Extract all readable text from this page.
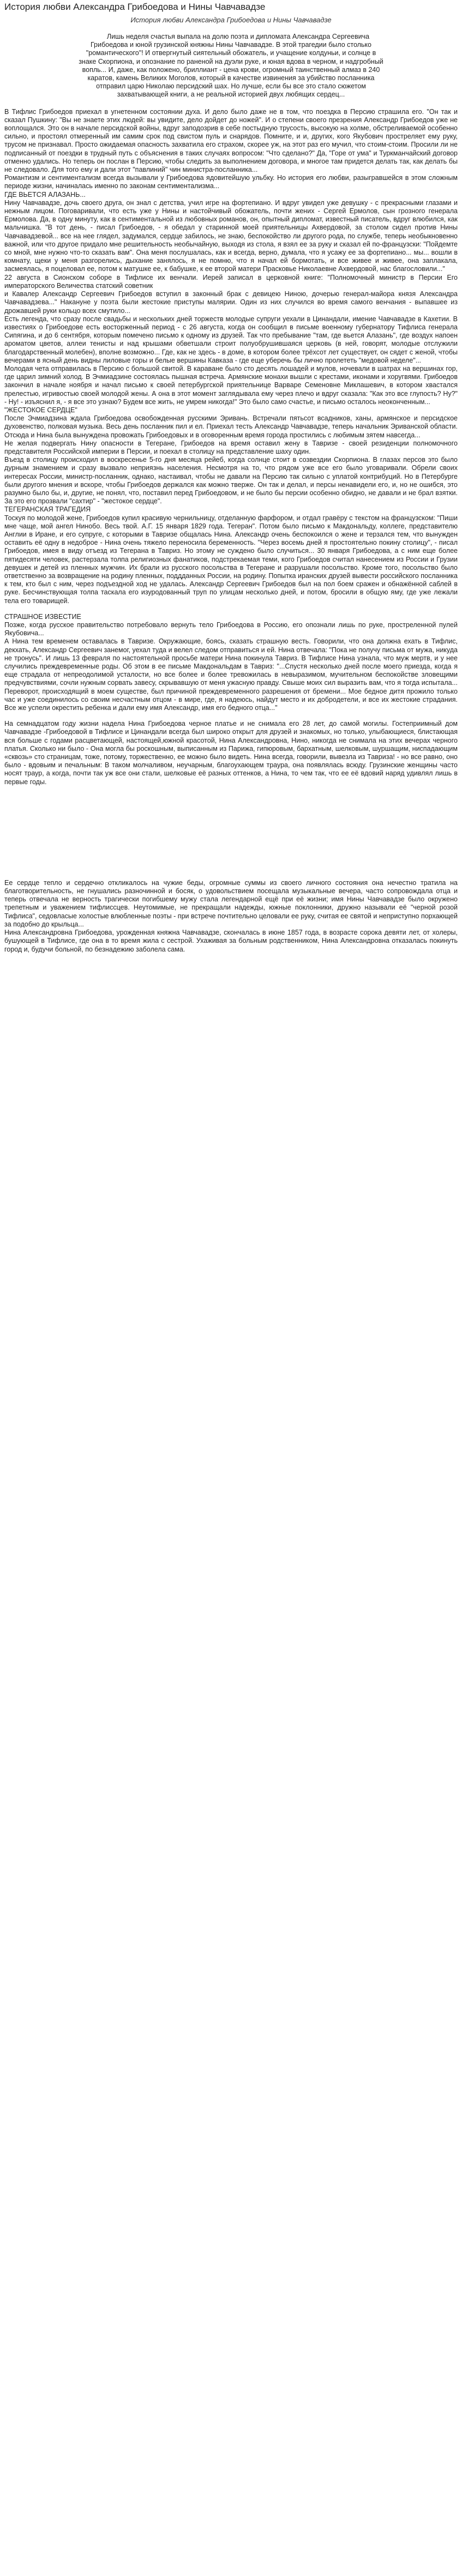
История любви Александра Грибоедова и Нины Чавчавадзе
История любви Александра Грибоедова и Нины Чавчавадзе

Лишь неделя счастья выпала на долю поэта и дипломата Александра Сергеевича Грибоедова и юной грузинской княжны Нины Чавчавадзе. В этой трагедии было столько "романтического"! И отвергнутый сиятельный обожатель, и учащение колдуньи, и солнце в знаке Скорпиона, и опознание по раненой на дуэли руке, и юная вдова в черном, и надгробный вопль... И, даже, как положено, бриллиант - цена крови, огромный таинственный алмаз в 240 каратов, камень Великих Моголов, который в качестве извинения за убийство посланника отправил царю Николаю персидский шах. Но лучше, если бы все это стало сюжетом захватывающей книги, а не реальной историей двух любящих сердец...

В Тифлис Грибоедов приехал в угнетенном состоянии духа. И дело было даже не в том, что поездка в Персию страшила его. "Он так и сказал Пушкину: "Вы не знаете этих людей: вы увидите, дело дойдет до ножей". И о степени своего презрения Александр Грибоедов уже не воплощался. Это он в начале персидской войны, вдруг заподозрив в себе постыдную трусость, высокую на холме, обстреливаемой особенно сильно, и простоял отмеренный им самим срок под свистом пуль и снарядов. Помните, и и, других, кого Якубович простреляет ему руку, трусом не признавал. Просто ожидаемая опасность захватила его страхом, скорее уж, на этот раз его мучил, что стоим-стоим. Просили ли не подписанный от поездки в трудный путь с объяснения в таких случаях вопросом: "Что сделано?" Да, "Горе от ума" и Туркманчайский договор отменно удались. Но теперь он послан в Персию, чтобы следить за выполнением договора, и многое там придется делать так, как делать бы не следовало. Для того ему и дали этот "павлиний" чин министра-посланника...

Романтизм и сентиментализм всегда вызывали у Грибоедова ядовитейшую ульбку. Но история его любви, разыгравшейся в этом сложным периоде жизни, начиналась именно по законам сентиментализма...

ГДЕ ВЬЕТСЯ АЛАЗАНЬ...

Нину Чавчавадзе, дочь своего друга, он знал с детства, учил игре на фортепиано. И вдруг увидел уже девушку - с прекрасными глазами и нежным лицом. Поговаривали, что есть уже у Нины и настойчивый обожатель, почти жених - Сергей Ермолов, сын грозного генерала Ермолова. Да, в одну минуту, как в сентиментальной из любовных романов, он, опытный дипломат, известный писатель, вдруг влюбился, как мальчишка. "В тот день, - писал Грибоедов, - я обедал у старинной моей приятельницы Ахвердовой, за столом сидел против Нины Чавчавадзевой... все на нее глядел, задумался, сердце забилось, не знаю, беспокойство ли другого рода, по службе, теперь необыкновенно важной, или что другое придало мне решительность необычайную, выходя из стола, я взял ее за руку и сказал ей по-французски: "Пойдемте со мной, мне нужно что-то сказать вам". Она меня послушалась, как и всегда, верно, думала, что я усажу ее за фортепиано... мы... вошли в комнату, щеки у меня разгорелись, дыхание занялось, я не помню, что я начал ей бормотать, и все живее и живее, она заплакала, засмеялась, я поцеловал ее, потом к матушке ее, к бабушке, к ее второй матери Прасковье Николаевне Ахвердовой, нас благословили..."

22 августа в Сионском соборе в Тифлисе их венчали. Иерей записал в церковной книге: "Полномочный министр в Персии Его императорского Величества статский советник

и Кавалер Александр Сергеевич Грибоедов вступил в законный брак с девицею Ниною, дочерью генерал-майора князя Александра Чавчавадзева..." Накануне у поэта были жестокие приступы малярии. Один из них случился во время самого венчания - выпавшее из дрожавшей руки кольцо всех смутило...

Есть легенда, что сразу после свадьбы и нескольких дней торжеств молодые супруги уехали в Цинандали, имение Чавчавадзе в Кахетии. В известиях о Грибоедове есть восторженный период - с 26 августа, когда он сообщил в письме военному губернатору Тифлиса генерала Сипягина, и до 6 сентября, которым помечено письмо к одному из друзей. Так что пребывание "там, где вьется Алазань", где воздух напоен ароматом цветов, аллеи тенисты и над крышами обветшали строит полуобрушившаяся церковь (в ней, говорят, молодые отслужили благодарственный молебен), вполне возможно... Где, как не здесь - в доме, в котором более трёхсот лет существует, он сядет с женой, чтобы вечерами в ясный день видны лиловые горы и белые вершины Кавказа - где еще уберечь бы лично пролететь "медовой неделе"...

Молодая чета отправилась в Персию с большой свитой. В караване было сто десять лошадей и мулов, ночевали в шатрах на вершинах гор, где царил зимний холод. В Эчмиадзине состоялась пышная встреча. Армянские монахи вышли с крестами, иконами и хоругвями. Грибоедов закончил в начале ноября и начал письмо к своей петербургской приятельнице Варваре Семеновне Миклашевич, в котором хвастался прелестью, игривостью своей молодой жены. А она в этот момент заглядывала ему через плечо и вдруг сказала: "Как это все глупость? Ну?" - Ну! - изъяснил я, - я все это узнаю? Будем все жить, не умрем никогда!" Это было само счастье, и письмо осталось неоконченным...

"ЖЕСТОКОЕ СЕРДЦЕ"

После Эчмиадзина ждала Грибоедова освобожденная русскими Эривань. Встречали пятьсот всадников, ханы, армянское и персидское духовенство, полковая музыка. Весь день посланник пил и ел. Приехал тесть Александр Чавчавадзе, теперь начальник Эриванской области. Отсюда и Нина была вынуждена провожать Грибоедовых и в оговоренным время города простились с любимым зятем навсегда...

Не желая подвергать Нину опасности в Тегеране, Грибоедов на время оставил жену в Тавризе - своей резиденции полномочного представителя Российской империи в Персии, и поехал в столицу на представление шаху один.

Въезд в столицу происходил в воскресенье 5-го дня месяца рейеб, когда солнце стоит в созвездии Скорпиона. В глазах персов это было дурным знамением и сразу вызвало неприязнь населения. Несмотря на то, что рядом уже все его было уговаривали. Обрели своих интересах России, министр-посланник, однако, настаивал, чтобы не давали на Персию так сильно с уплатой контрибуций. Но в Петербурге были другого мнения и вскоре, чтобы Грибоедов держался как можно тверже. Он так и делал, и персы ненавидели его, и, но не ошибся, это разумно было бы, и, другие, не понял, что, поставил перед Грибоедовом, и не было бы персии особенно обидно, не давали и не брал взятки. За это его прозвали "сахтир" - "жестокое сердце".

ТЕГЕРАНСКАЯ ТРАГЕДИЯ

Тоскуя по молодой жене, Грибоедов купил красивую чернильницу, отделанную фарфором, и отдал гравёру с текстом на французском: "Пиши мне чаще, мой ангел Нинобо. Весь твой. А.Г. 15 января 1829 года. Тегеран". Потом было письмо к Макдональду, коллеге, представителю Англии в Иране, и его супруге, с которыми в Тавризе общалась Нина. Александр очень беспокоился о жене и терзался тем, что вынужден оставить её одну в недоброе - Нина очень тяжело переносила беременность. "Через восемь дней я простоятельно покину столицу", - писал Грибоедов, имея в виду отъезд из Тегерана в Тавриз. Но этому не суждено было случиться... 30 января Грибоедова, а с ним еще более пятидесяти человек, растерзала толпа религиозных фанатиков, подстрекаемая теми, кого Грибоедов считал нанесением из России и Грузии девушек и детей из пленных мужчин. Их брали из русского посольства в Тегеране и разрушали посольство. Кроме того, посольство было ответственно за возвращение на родину пленных, поддданных России, на родину. Попытка иранских друзей вывести российского посланника к тем, кто был с ним, через подъездной ход не удалась. Александр Сергеевич Грибоедов был на пол боем сражен и обнажённой саблей в руке. Бесчинствующая толпа таскала его изуродованный труп по улицам несколько дней, и потом, бросили в общую яму, где уже лежали тела его товарищей.

СТРАШНОЕ ИЗВЕСТИЕ

Позже, когда русское правительство потребовало вернуть тело Грибоедова в Россию, его опознали лишь по руке, простреленной пулей Якубовича...

А Нина тем временем оставалась в Тавризе. Окружающие, боясь, сказать страшную весть. Говорили, что она должна ехать в Тифлис, декхать, Александр Сергеевич занемог, уехал туда и велел следом отправиться и ей. Нина отвечала: "Пока не получу письма от мужа, никуда не тронусь". И лишь 13 февраля по настоятельной просьбе матери Нина покинула Тавриз. В Тифлисе Нина узнала, что муж мертв, и у нее случились преждевременные роды. Об этом в ее письме Макдональдам в Тавриз: "...Спустя несколько дней после моего приезда, когда я еще страдала от непреодолимой усталости, но все более и более тревожилась в невыразимом, мучительном беспокойстве зловещими предчувствиями, сочли нужным сорвать завесу, скрывавшую от меня ужасную правду. Свыше моих сил выразить вам, что я тогда испытала... Переворот, происходящий в моем существе, был причиной преждевременного разрешения от бремени... Мое бедное дитя прожило только час и уже соединилось со своим несчастным отцом - в мире, где, я надеюсь, найдут место и их добродетели, и все их жестокие страдания. Все же успели окрестить ребенка и дали ему имя Александр, имя его бедного отца..."

На семнадцатом году жизни надела Нина Грибоедова черное платье и не снимала его 28 лет, до самой могилы. Гостеприимный дом Чавчавадзе -Грибоедовой в Тифлисе и Цинандали всегда был широко открыт для друзей и знакомых, но только, улыбающиеся, блистающая вся больше с годами расцветающей, настоящей,южной красотой, Нина Александровна, Нино, никогда не снимала на этих вечерах черного платья. Сколько ни было - Она могла бы роскошным, выписанным из Парижа, гипюровым, бархатным, шелковым, шуршащим, ниспадающим «сквозь» сто страницам, тоже, потому, торжественно, ее можно было видеть. Нина всегда, говорили, вывезла из Тавриза! - но все равно, оно было - вдовьим и печальным: В таком молчаливом, неучарным, благоухающем траура, она появлялась всюду. Грузинские женщины часто носят траур, а когда, почти так уж все они стали, шелковые её разных оттенков, а Нина, то чем так, что ее её вдовий наряд удивлял лишь в первые годы.

Ее сердце тепло и сердечно откликалось на чужие беды, огромные суммы из своего личного состояния она нечестно тратила на благотворительность, не гнушались разночинной и босяк, о удовольствием посещала музыкальные вечера, часто сопровождала отца и теперь отвечала не верность трагически погибшему мужу стала легендарной ещё при её жизни; имя Нины Чавчавадзе было окружено трепетным и уважением тифлиссцев. Неутомимые, не прекращали надежды, южные поклонники, дружно называли её "черной розой Тифлиса", седовласые холостые влюбленные поэты - при встрече почтительно целовали ее руку, считая ее святой и неприступно порхающей за подобно до крыльца...

Нина Александровна Грибоедова, урожденная княжна Чавчавадзе, скончалась в июне 1857 года, в возрасте сорока девяти лет, от холеры, бушующей в Тифлисе, где она в то время жила с сестрой. Ухаживая за больным родственником, Нина Александровна отказалась покинуть город и, будучи больной, по безнадежию заболела сама.
